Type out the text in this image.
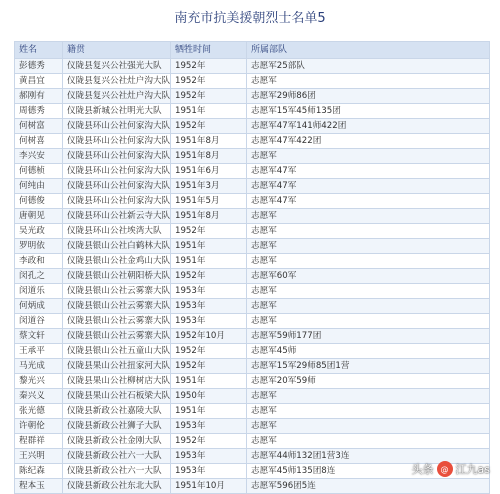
南充市抗美援朝烈士名单5
姓名	籍贯	牺牲时间	所属部队
彭德秀	仪陇县复兴公社强光大队	1952年	志愿军25部队
黄昌宜	仪陇县复兴公社灶户沟大队	1952年	志愿军
郝刚有	仪陇县复兴公社灶户沟大队	1952年	志愿军29师86团
周德秀	仪陇县新城公社明光大队	1951年	志愿军15军45师135团
何树富	仪陇县环山公社何家沟大队	1952年	志愿军47军141师422团
何树喜	仪陇县环山公社何家沟大队	1951年8月	志愿军47军422团
李兴安	仪陇县环山公社何家沟大队	1951年8月	志愿军
何德桢	仪陇县环山公社何家沟大队	1951年6月	志愿军47军
何纯由	仪陇县环山公社何家沟大队	1951年3月	志愿军47军
何德俊	仪陇县环山公社何家沟大队	1951年5月	志愿军47军
唐朝见	仪陇县环山公社新云寺大队	1951年8月	志愿军
吴光政	仪陇县环山公社埃湾大队	1952年	志愿军
罗明依	仪陇县银山公社白鹤林大队	1951年	志愿军
李政和	仪陇县银山公社金鸡山大队	1951年	志愿军
闵孔之	仪陇县银山公社朝阳桥大队	1952年	志愿军60军
闵道乐	仪陇县银山公社云雾寨大队	1953年	志愿军
何炳成	仪陇县银山公社云雾寨大队	1953年	志愿军
闵道谷	仪陇县银山公社云雾寨大队	1953年	志愿军
蔡文轩	仪陇县银山公社云雾寨大队	1952年10月	志愿军59师177团
王承平	仪陇县银山公社五童山大队	1952年	志愿军45师
马光成	仪陇县果山公社扭家河大队	1952年	志愿军15军29师85团1营
黎光兴	仪陇县果山公社柳树店大队	1951年	志愿军20军59师
秦兴义	仪陇县果山公社石板梁大队	1950年	志愿军
张光德	仪陇县新政公社嘉陵大队	1951年	志愿军
许朝伦	仪陇县新政公社狮子大队	1953年	志愿军
程群祥	仪陇县新政公社金刚大队	1952年	志愿军
王兴明	仪陇县新政公社六一大队	1953年	志愿军44师132团1营3连
陈纪森	仪陇县新政公社六一大队	1953年	志愿军45师135团8连
程本玉	仪陇县新政公社东北大队	1951年10月	志愿军596团5连
头条 @ 江九as
